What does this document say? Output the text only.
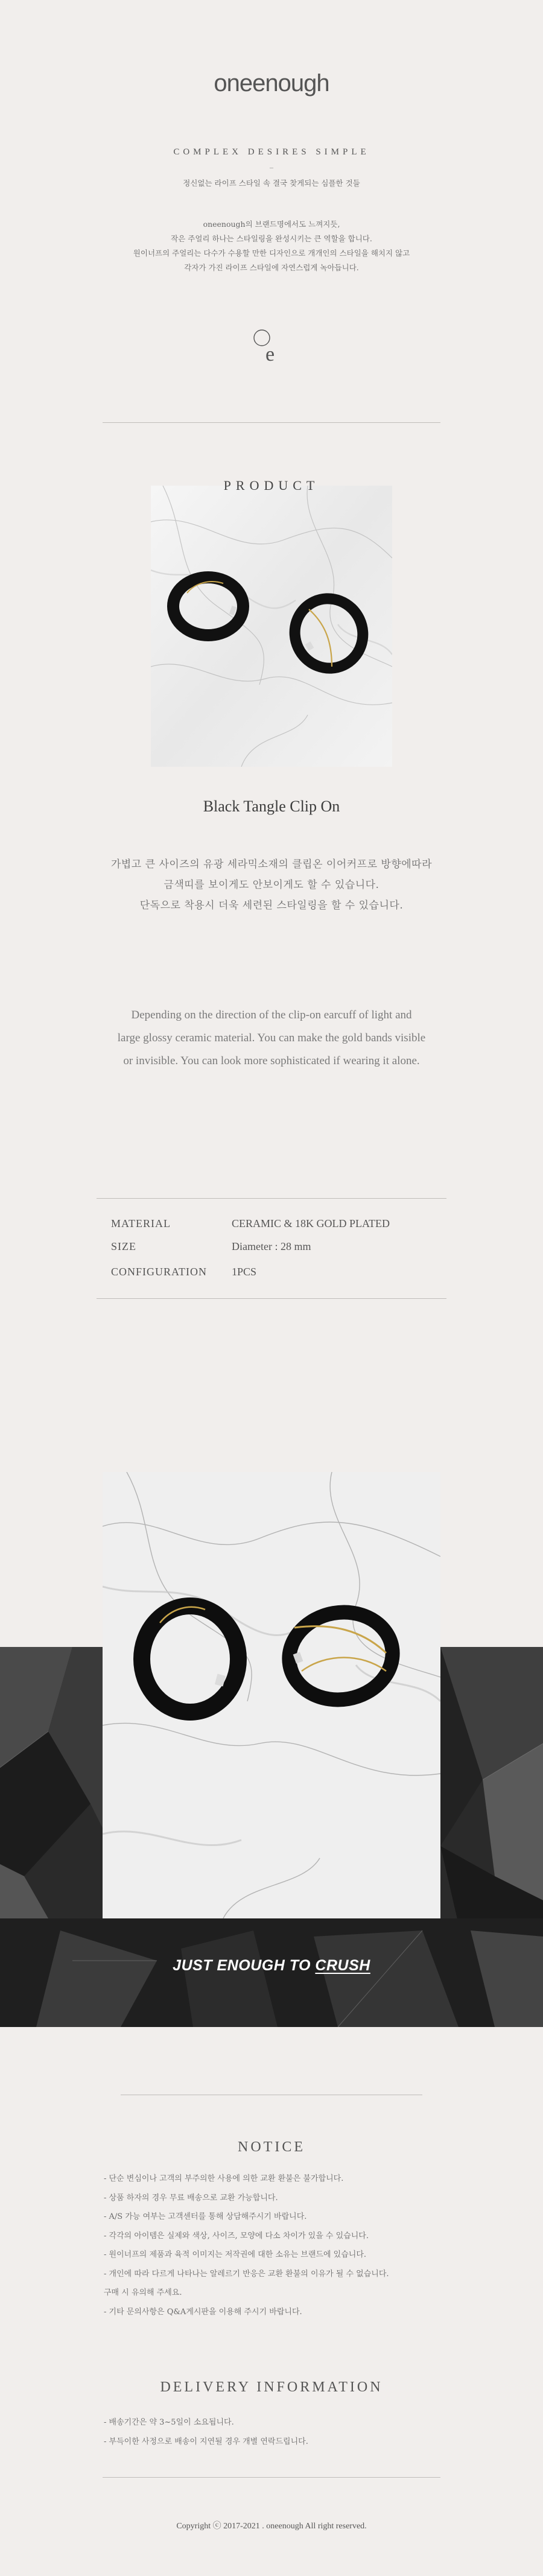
oneenough
COMPLEX DESIRES SIMPLE
–

정신없는 라이프 스타일 속 결국 찾게되는 심플한 것들

oneenough의 브랜드명에서도 느껴지듯,

작은 주얼리 하나는 스타일링을 완성시키는 큰 역할을 합니다.

원이너프의 주얼리는 다수가 수용할 만한 디자인으로 개개인의 스타일을 해치지 않고

각자가 가진 라이프 스타일에 자연스럽게 녹아듭니다.

e
PRODUCT
Black Tangle Clip On

가볍고 큰 사이즈의 유광 세라믹소재의 클립온 이어커프로 방향에따라

금색띠를 보이게도 안보이게도 할 수 있습니다.

단독으로 착용시 더욱 세련된 스타일링을 할 수 있습니다.

Depending on the direction of the clip-on earcuff of light and

large glossy ceramic material. You can make the gold bands visible

or invisible. You can look more sophisticated if wearing it alone.

MATERIAL	CERAMIC & 18K GOLD PLATED
SIZE	Diameter : 28 mm
CONFIGURATION 1PCS
JUST ENOUGH TO CRUSH
NOTICE
- 단순 변심이나 고객의 부주의한 사용에 의한 교환 환불은 불가합니다.
- 상품 하자의 경우 무료 배송으로 교환 가능합니다.
- A/S 가능 여부는 고객센터를 통해 상담해주시기 바랍니다.
- 각각의 아이템은 실제와 색상, 사이즈, 모양에 다소 차이가 있을 수 있습니다.
- 원이너프의 제품과 육적 이미지는 저작권에 대한 소유는 브랜드에 있습니다.
- 개인에 따라 다르게 나타나는 알레르기 반응은 교환 환불의 이유가 될 수 없습니다.
구매 시 유의해 주세요.
- 기타 문의사항은 Q&A게시판을 이용해 주시기 바랍니다.
DELIVERY INFORMATION
- 배송기간은 약 3~5일이 소요됩니다.
- 부득이한 사정으로 배송이 지연될 경우 개별 연락드립니다.
Copyright ⓒ 2017-2021 . oneenough All right reserved.
